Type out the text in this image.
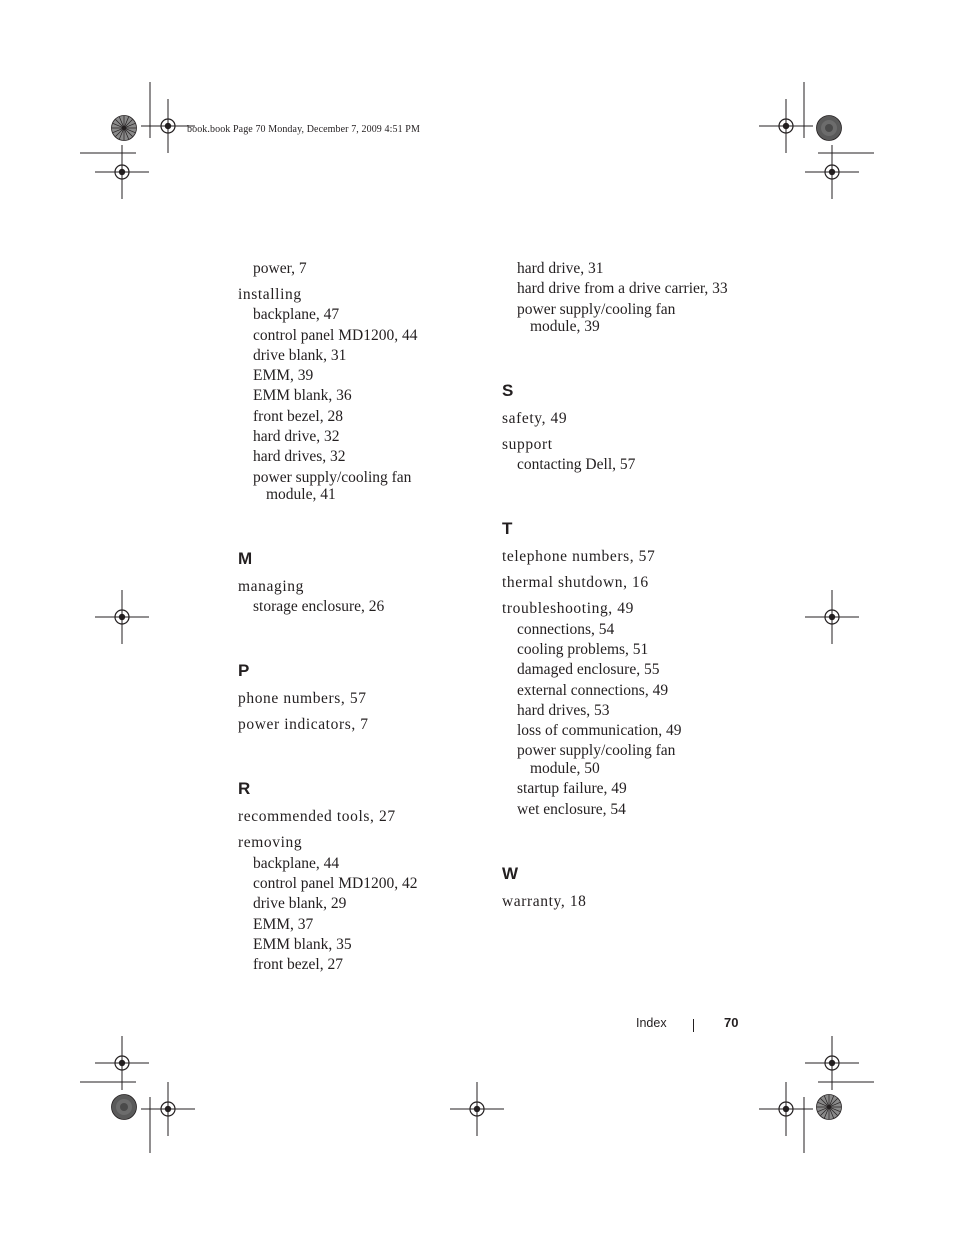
book.book Page 70 Monday, December 7, 2009 4:51 PM
power, 7
installing
backplane, 47
control panel MD1200, 44
drive blank, 31
EMM, 39
EMM blank, 36
front bezel, 28
hard drive, 32
hard drives, 32
power supply/cooling fan
module, 41
M
managing
storage enclosure, 26
P
phone numbers, 57
power indicators, 7
R
recommended tools, 27
removing
backplane, 44
control panel MD1200, 42
drive blank, 29
EMM, 37
EMM blank, 35
front bezel, 27
hard drive, 31
hard drive from a drive carrier, 33
power supply/cooling fan
module, 39
S
safety, 49
support
contacting Dell, 57
T
telephone numbers, 57
thermal shutdown, 16
troubleshooting, 49
connections, 54
cooling problems, 51
damaged enclosure, 55
external connections, 49
hard drives, 53
loss of communication, 49
power supply/cooling fan
module, 50
startup failure, 49
wet enclosure, 54
W
warranty, 18
Index	70
